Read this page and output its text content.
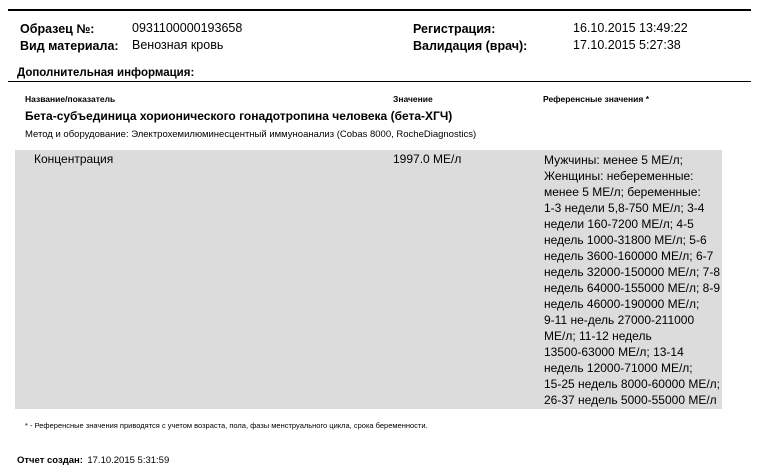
Образец №:	0931100000193658
Вид материала: Венозная кровь
Регистрация:	16.10.2015 13:49:22
Валидация (врач):	17.10.2015 5:27:38
Дополнительная информация:
Название/показатель	Значение	Референсные значения *
Бета-субъединица хорионического гонадотропина человека (бета-ХГЧ)
Метод и оборудование: Электрохемилюминесцентный иммуноанализ (Cobas 8000, RocheDiagnostics)
Концентрация	1997.0 МЕ/л	Мужчины: менее 5 МЕ/л;
Женщины: небеременные:
менее 5 МЕ/л; беременные:
1-3 недели 5,8-750 МЕ/л; 3-4
недели 160-7200 МЕ/л; 4-5
недель 1000-31800 МЕ/л; 5-6
недель 3600-160000 МЕ/л; 6-7
недель 32000-150000 МЕ/л; 7-8
недель 64000-155000 МЕ/л; 8-9
недель 46000-190000 МЕ/л;
9-11 не-дель 27000-211000
МЕ/л; 11-12 недель
13500-63000 МЕ/л; 13-14
недель 12000-71000 МЕ/л;
15-25 недель 8000-60000 МЕ/л;
26-37 недель 5000-55000 МЕ/л
* - Референсные значения приводятся с учетом возраста, пола, фазы менструального цикла, срока беременности.
Отчет создан: 17.10.2015 5:31:59
